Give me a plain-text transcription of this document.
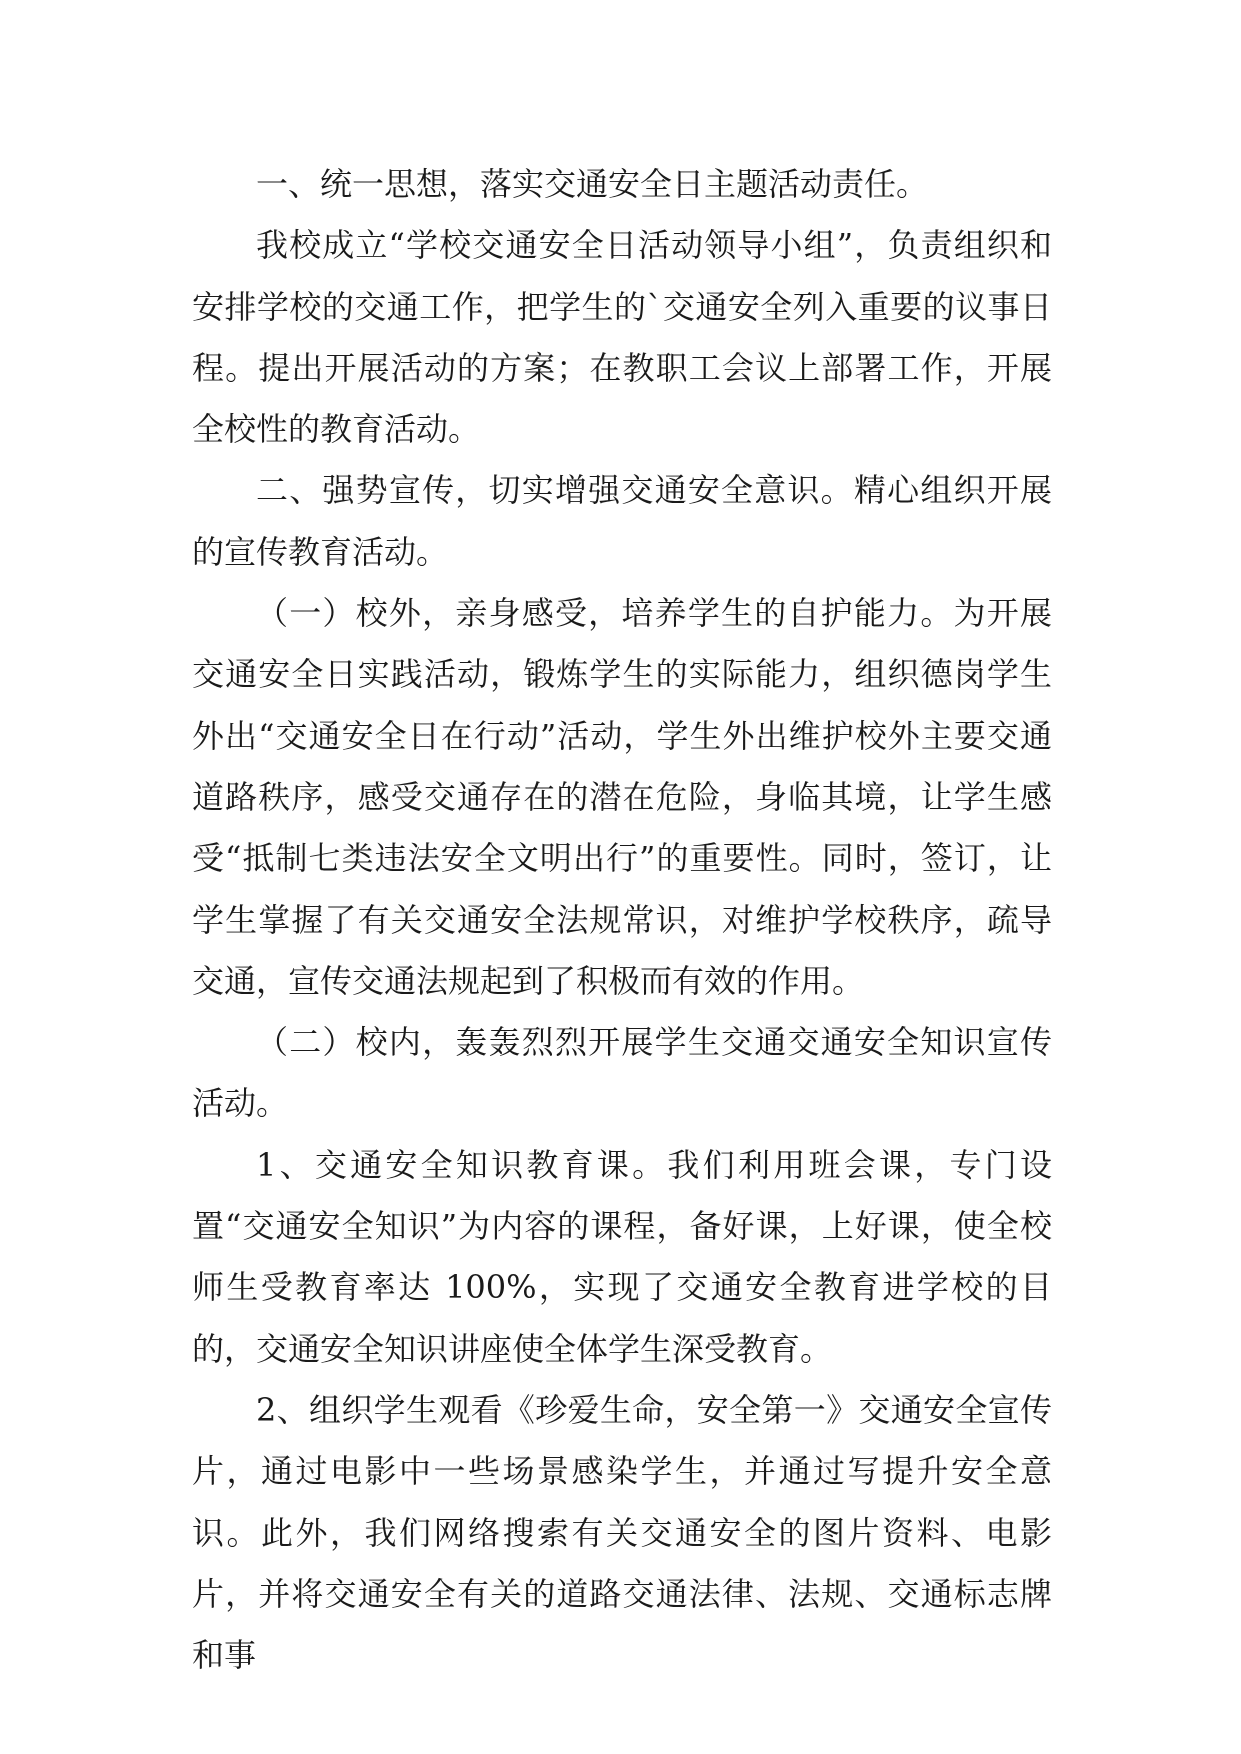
一、统一思想，落实交通安全日主题活动责任。

我校成立“学校交通安全日活动领导小组”，负责组织和安排学校的交通工作，把学生的`交通安全列入重要的议事日程。提出开展活动的方案；在教职工会议上部署工作，开展全校性的教育活动。

二、强势宣传，切实增强交通安全意识。精心组织开展的宣传教育活动。

（一）校外，亲身感受，培养学生的自护能力。为开展交通安全日实践活动，锻炼学生的实际能力，组织德岗学生外出“交通安全日在行动”活动，学生外出维护校外主要交通道路秩序，感受交通存在的潜在危险，身临其境，让学生感受“抵制七类违法安全文明出行”的重要性。同时，签订，让学生掌握了有关交通安全法规常识，对维护学校秩序，疏导交通，宣传交通法规起到了积极而有效的作用。

（二）校内，轰轰烈烈开展学生交通交通安全知识宣传活动。

1、交通安全知识教育课。我们利用班会课，专门设置“交通安全知识”为内容的课程，备好课，上好课，使全校师生受教育率达 100%，实现了交通安全教育进学校的目的，交通安全知识讲座使全体学生深受教育。

2、组织学生观看《珍爱生命，安全第一》交通安全宣传片，通过电影中一些场景感染学生，并通过写提升安全意识。此外，我们网络搜索有关交通安全的图片资料、电影片，并将交通安全有关的道路交通法律、法规、交通标志牌和事
